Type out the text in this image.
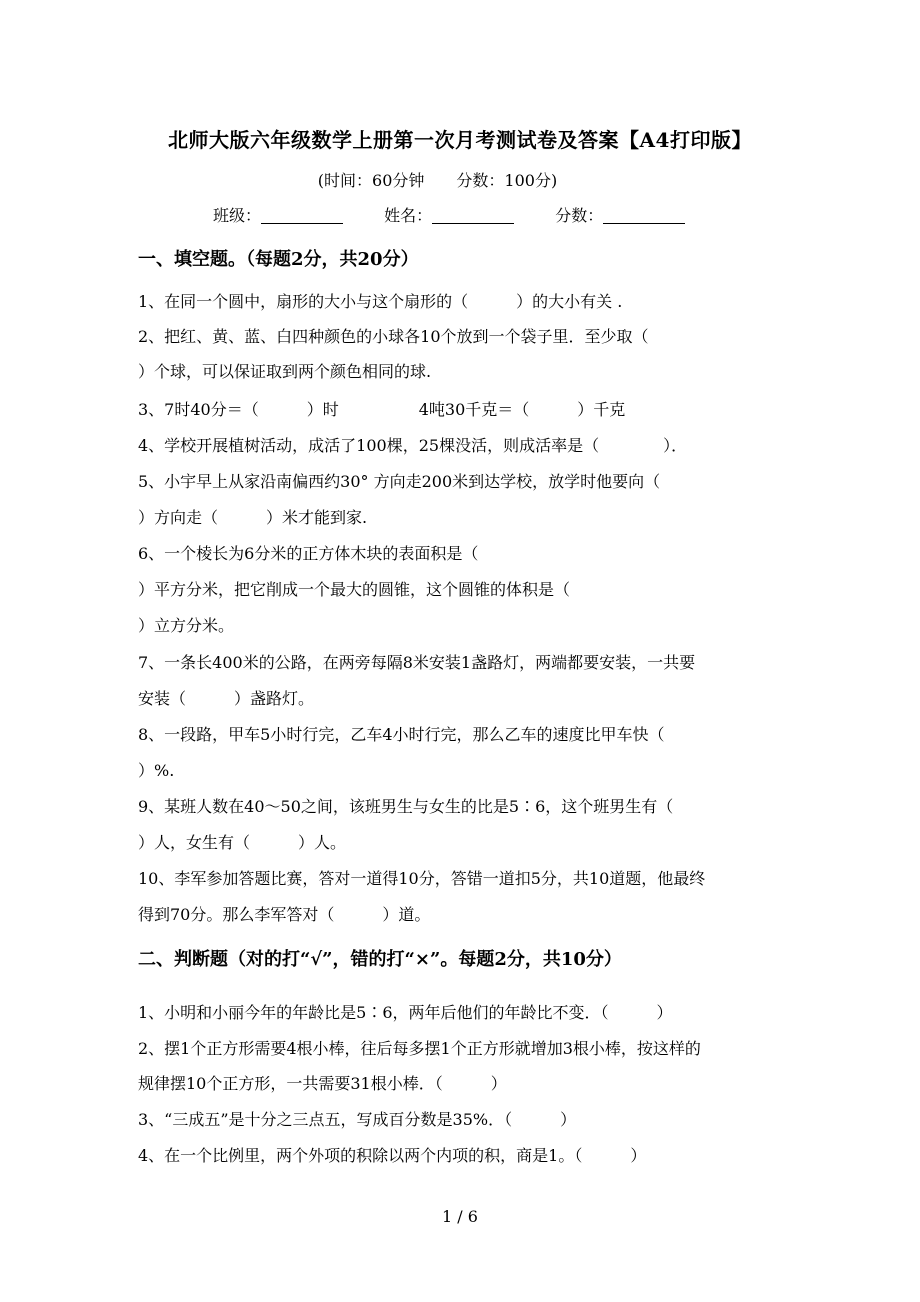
北师大版六年级数学上册第一次月考测试卷及答案【A4打印版】
(时间：60分钟　　分数：100分)
班级：	姓名：	分数：
一、填空题。（每题2分，共20分）
1、在同一个圆中，扇形的大小与这个扇形的（　　　）的大小有关 .
2、把红、黄、蓝、白四种颜色的小球各10个放到一个袋子里．至少取（
）个球，可以保证取到两个颜色相同的球.
3、7时40分＝（　　　）时　　　　　4吨30千克＝（　　　）千克
4、学校开展植树活动，成活了100棵，25棵没活，则成活率是（　　　　）．
5、小宇早上从家沿南偏西约30° 方向走200米到达学校，放学时他要向（
）方向走（　　　）米才能到家.
6、一个棱长为6分米的正方体木块的表面积是（
）平方分米，把它削成一个最大的圆锥，这个圆锥的体积是（
）立方分米。
7、一条长400米的公路，在两旁每隔8米安装1盏路灯，两端都要安装，一共要
安装（　　　）盏路灯。
8、一段路，甲车5小时行完，乙车4小时行完，那么乙车的速度比甲车快（
）%.
9、某班人数在40～50之间，该班男生与女生的比是5∶6，这个班男生有（
）人，女生有（　　　）人。
10、李军参加答题比赛，答对一道得10分，答错一道扣5分，共10道题，他最终
得到70分。那么李军答对（　　　）道。
二、判断题（对的打“√”，错的打“×”。每题2分，共10分）
1、小明和小丽今年的年龄比是5∶6，两年后他们的年龄比不变．（　　　）
2、摆1个正方形需要4根小棒，往后每多摆1个正方形就增加3根小棒，按这样的
规律摆10个正方形，一共需要31根小棒．（　　　）
3、“三成五”是十分之三点五，写成百分数是35%．（　　　）
4、在一个比例里，两个外项的积除以两个内项的积，商是1。（　　　）
1 / 6
